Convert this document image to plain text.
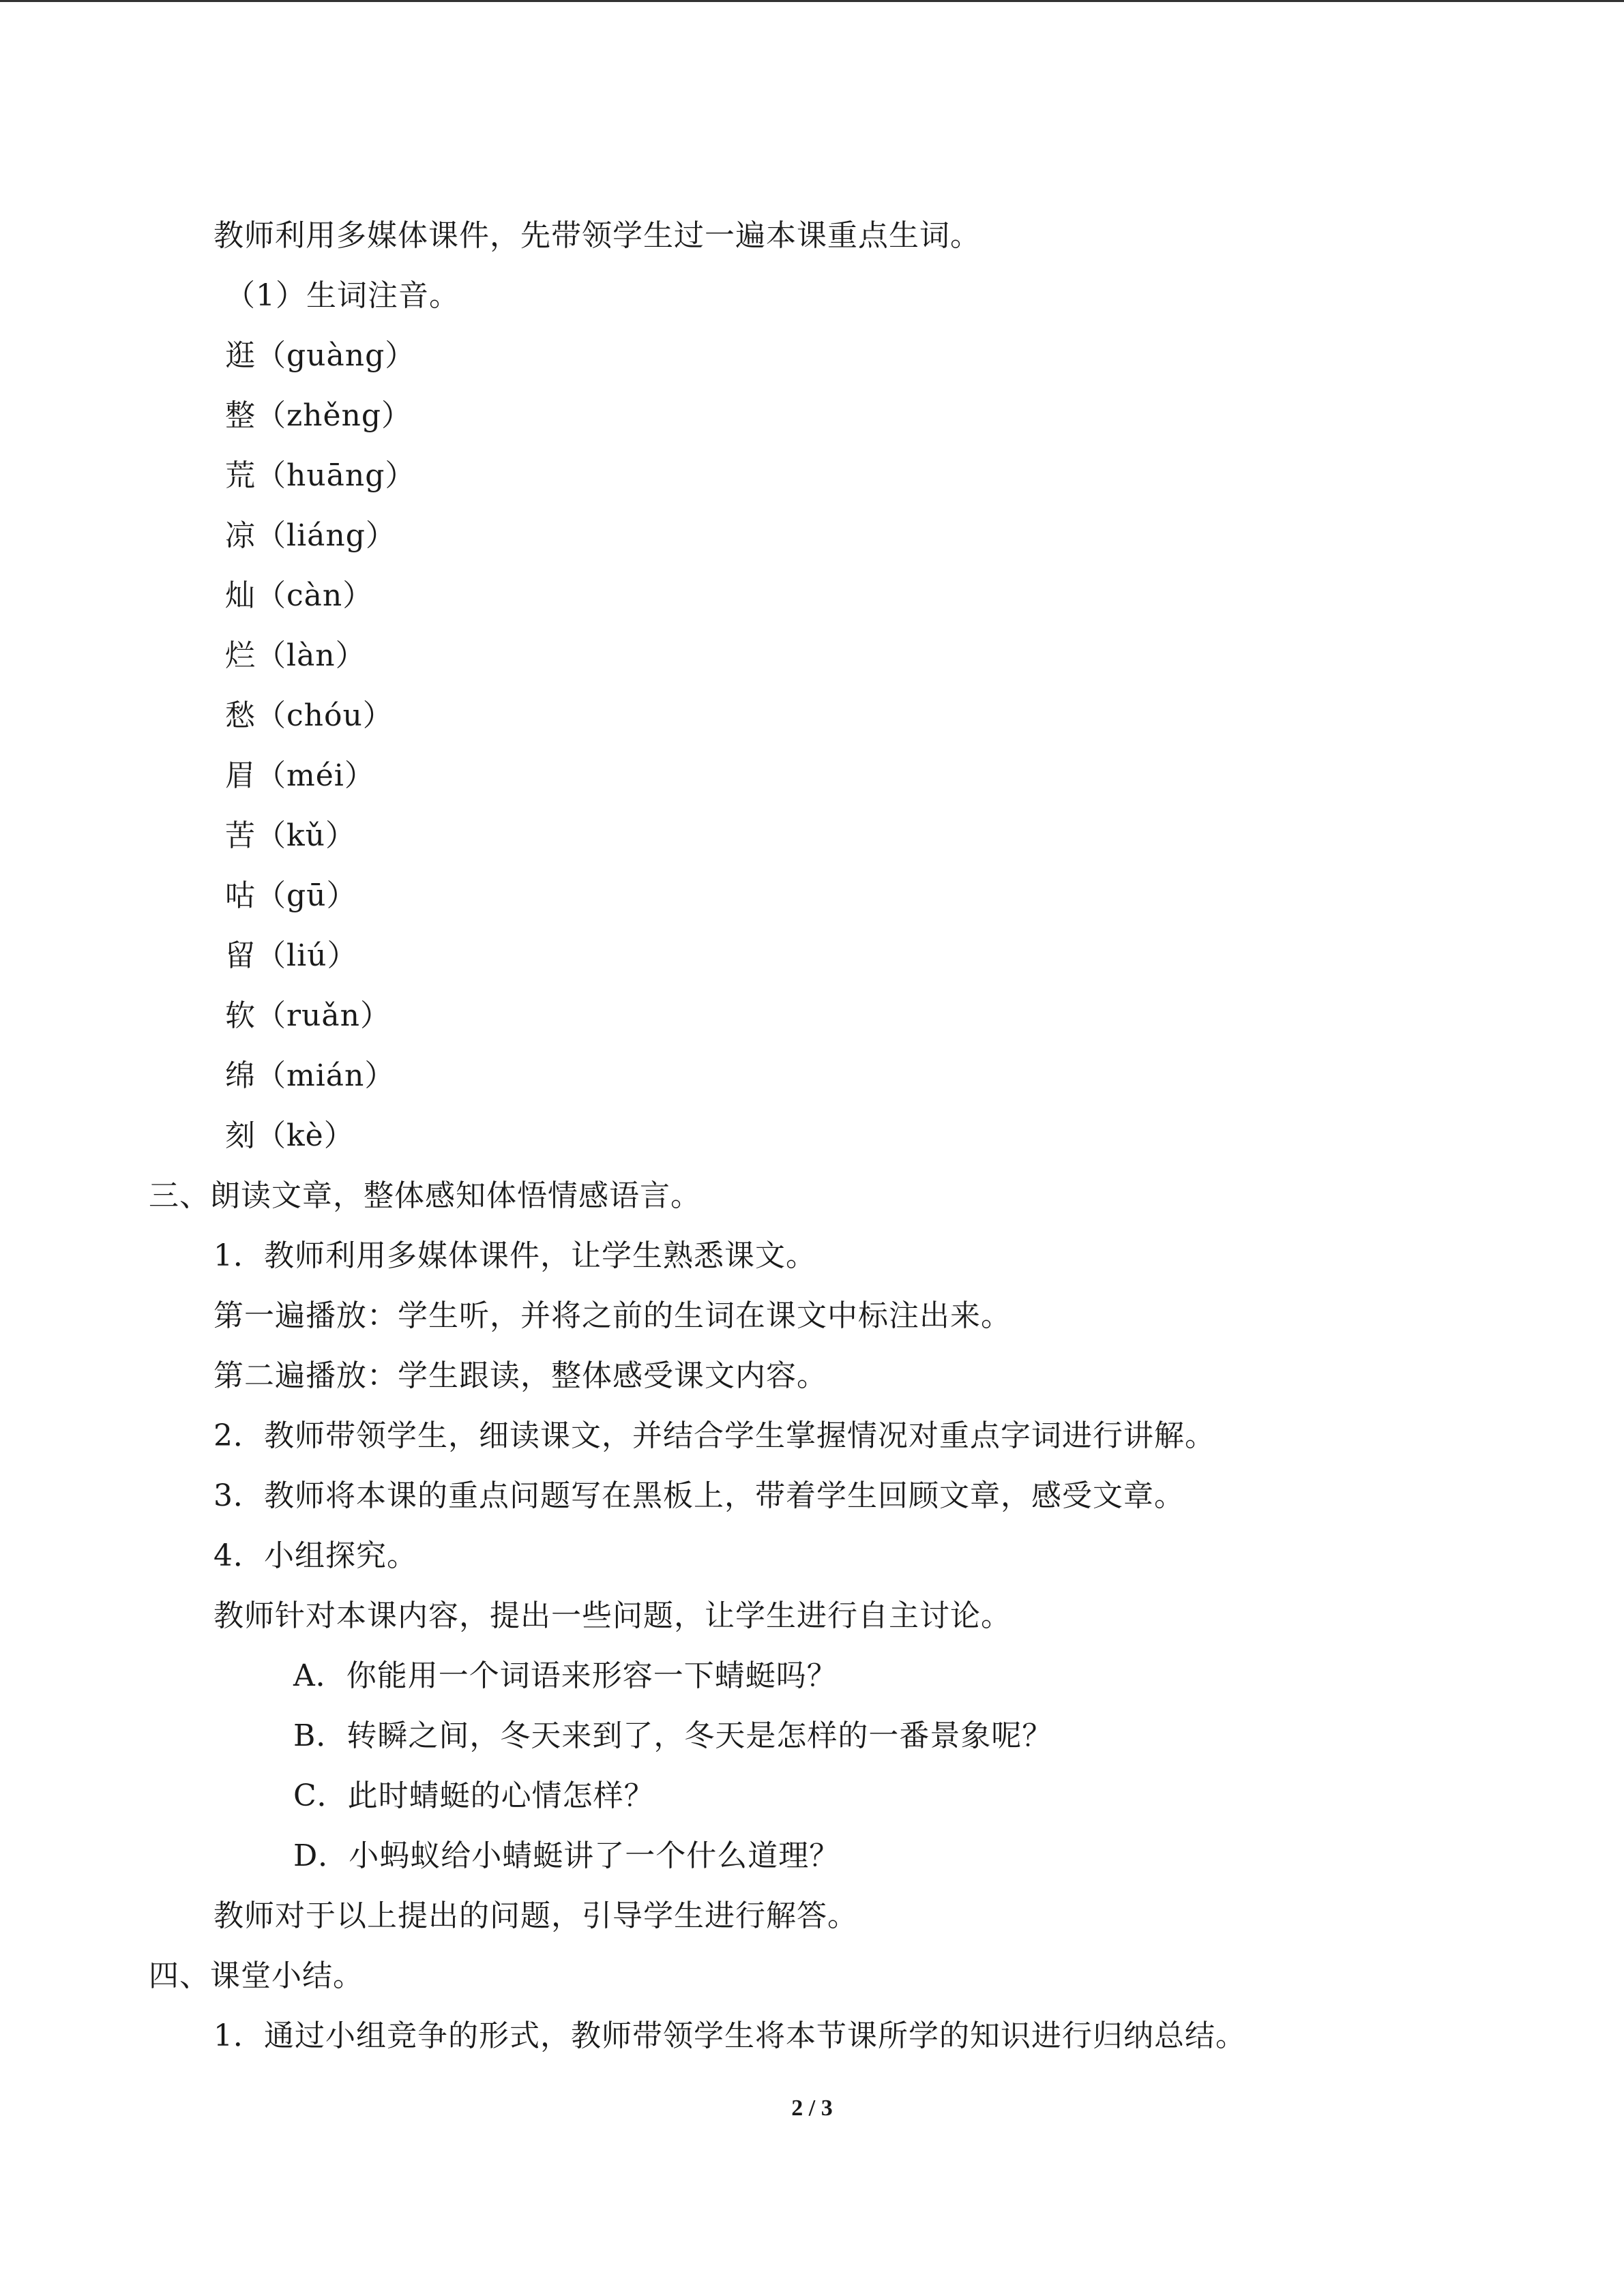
教师利用多媒体课件，先带领学生过一遍本课重点生词。
（1）生词注音。
逛（guàng）
整（zhěng）
荒（huāng）
凉（liáng）
灿（càn）
烂（làn）
愁（chóu）
眉（méi）
苦（kǔ）
咕（gū）
留（liú）
软（ruǎn）
绵（mián）
刻（kè）
三、朗读文章，整体感知体悟情感语言。
1．教师利用多媒体课件，让学生熟悉课文。
第一遍播放：学生听，并将之前的生词在课文中标注出来。
第二遍播放：学生跟读，整体感受课文内容。
2．教师带领学生，细读课文，并结合学生掌握情况对重点字词进行讲解。
3．教师将本课的重点问题写在黑板上，带着学生回顾文章，感受文章。
4．小组探究。
教师针对本课内容，提出一些问题，让学生进行自主讨论。
A．你能用一个词语来形容一下蜻蜓吗？
B．转瞬之间，冬天来到了，冬天是怎样的一番景象呢？
C．此时蜻蜓的心情怎样？
D．小蚂蚁给小蜻蜓讲了一个什么道理？
教师对于以上提出的问题，引导学生进行解答。
四、课堂小结。
1．通过小组竞争的形式，教师带领学生将本节课所学的知识进行归纳总结。
2 / 3
